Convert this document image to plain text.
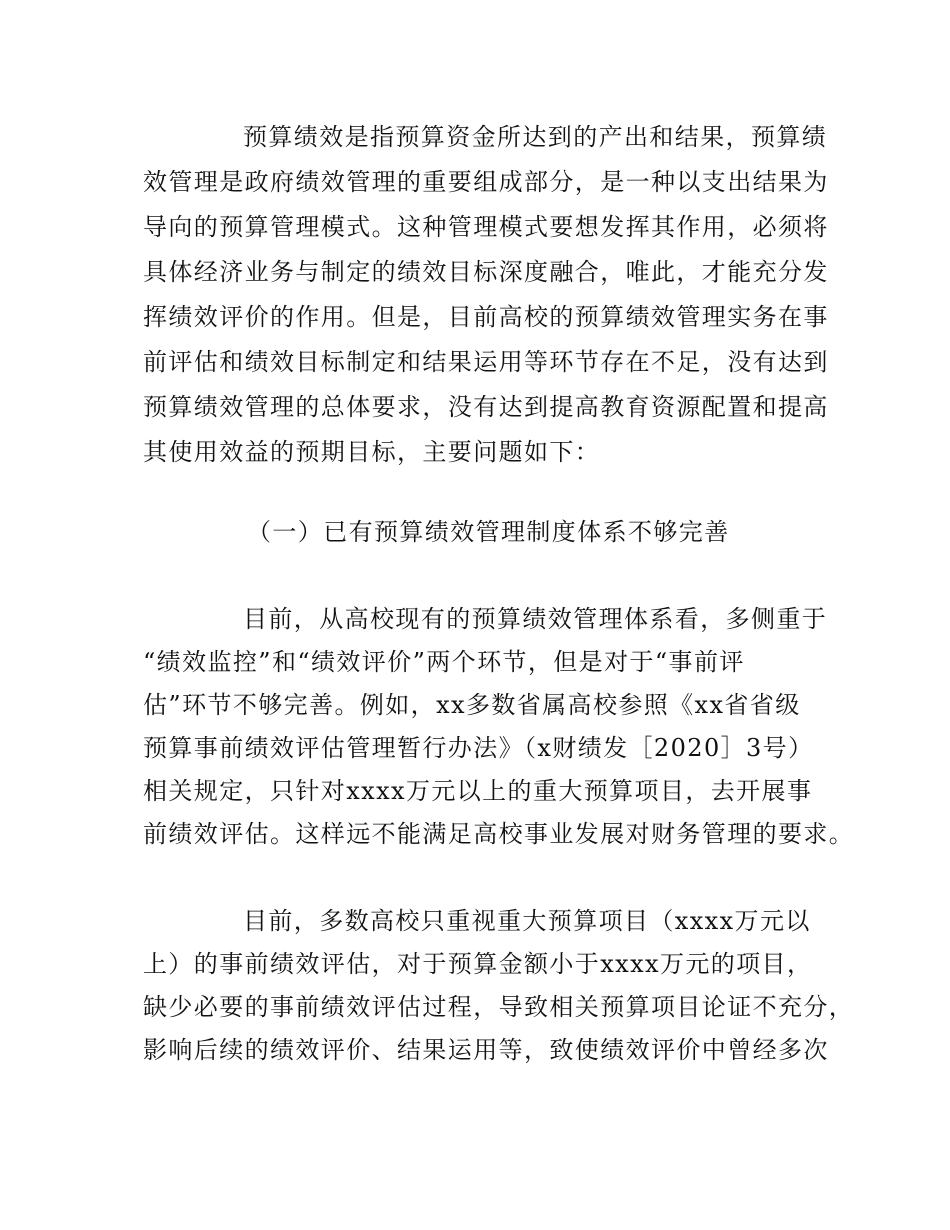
预算绩效是指预算资金所达到的产出和结果，预算绩
效管理是政府绩效管理的重要组成部分，是一种以支出结果为
导向的预算管理模式。这种管理模式要想发挥其作用，必须将
具体经济业务与制定的绩效目标深度融合，唯此，才能充分发
挥绩效评价的作用。但是，目前高校的预算绩效管理实务在事
前评估和绩效目标制定和结果运用等环节存在不足，没有达到
预算绩效管理的总体要求，没有达到提高教育资源配置和提高
其使用效益的预期目标，主要问题如下：
（一）已有预算绩效管理制度体系不够完善
目前，从高校现有的预算绩效管理体系看，多侧重于
“绩效监控”和“绩效评价”两个环节，但是对于“事前评
估”环节不够完善。例如，xx多数省属高校参照《xx省省级
预算事前绩效评估管理暂行办法》（x财绩发［2020］3号）
相关规定，只针对xxxx万元以上的重大预算项目，去开展事
前绩效评估。这样远不能满足高校事业发展对财务管理的要求。
目前，多数高校只重视重大预算项目（xxxx万元以
上）的事前绩效评估，对于预算金额小于xxxx万元的项目，
缺少必要的事前绩效评估过程，导致相关预算项目论证不充分，
影响后续的绩效评价、结果运用等，致使绩效评价中曾经多次
